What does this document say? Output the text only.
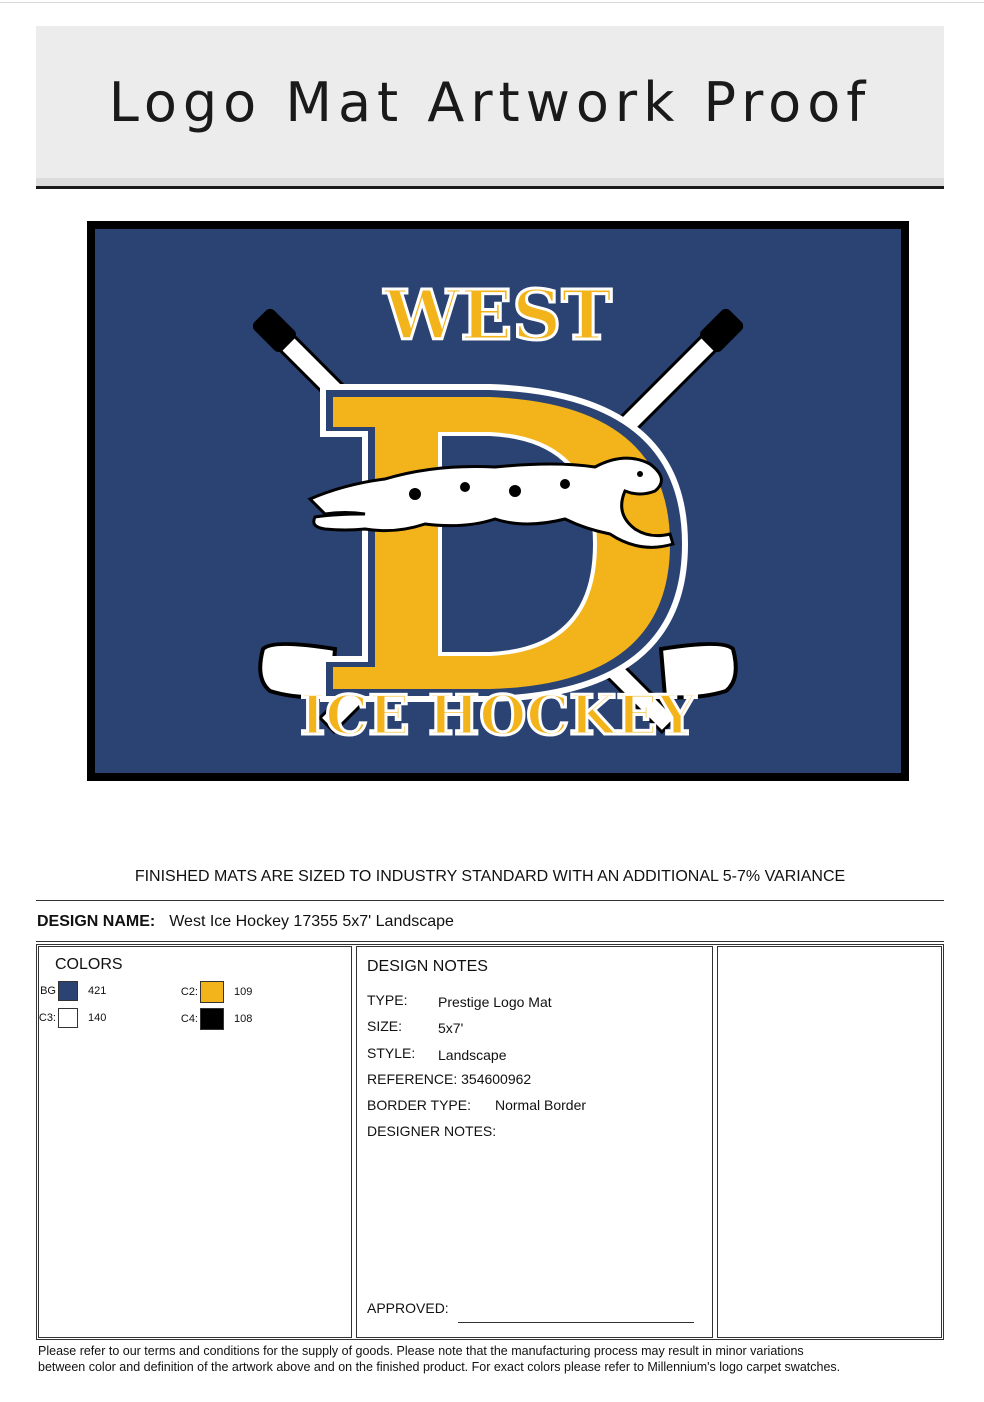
Logo Mat Artwork Proof
WEST
ICE HOCKEY
FINISHED MATS ARE SIZED TO INDUSTRY STANDARD WITH AN ADDITIONAL 5-7% VARIANCE
DESIGN NAME: West Ice Hockey 17355 5x7' Landscape
COLORS
BG	421	C2:	109
C3:	140	C4:	108
DESIGN NOTES
TYPE: Prestige Logo Mat
SIZE:	5x7'
STYLE: Landscape
REFERENCE: 354600962
BORDER TYPE: Normal Border
DESIGNER NOTES:
APPROVED:
Please refer to our terms and conditions for the supply of goods. Please note that the manufacturing process may result in minor variations
between color and definition of the artwork above and on the finished product. For exact colors please refer to Millennium's logo carpet swatches.
